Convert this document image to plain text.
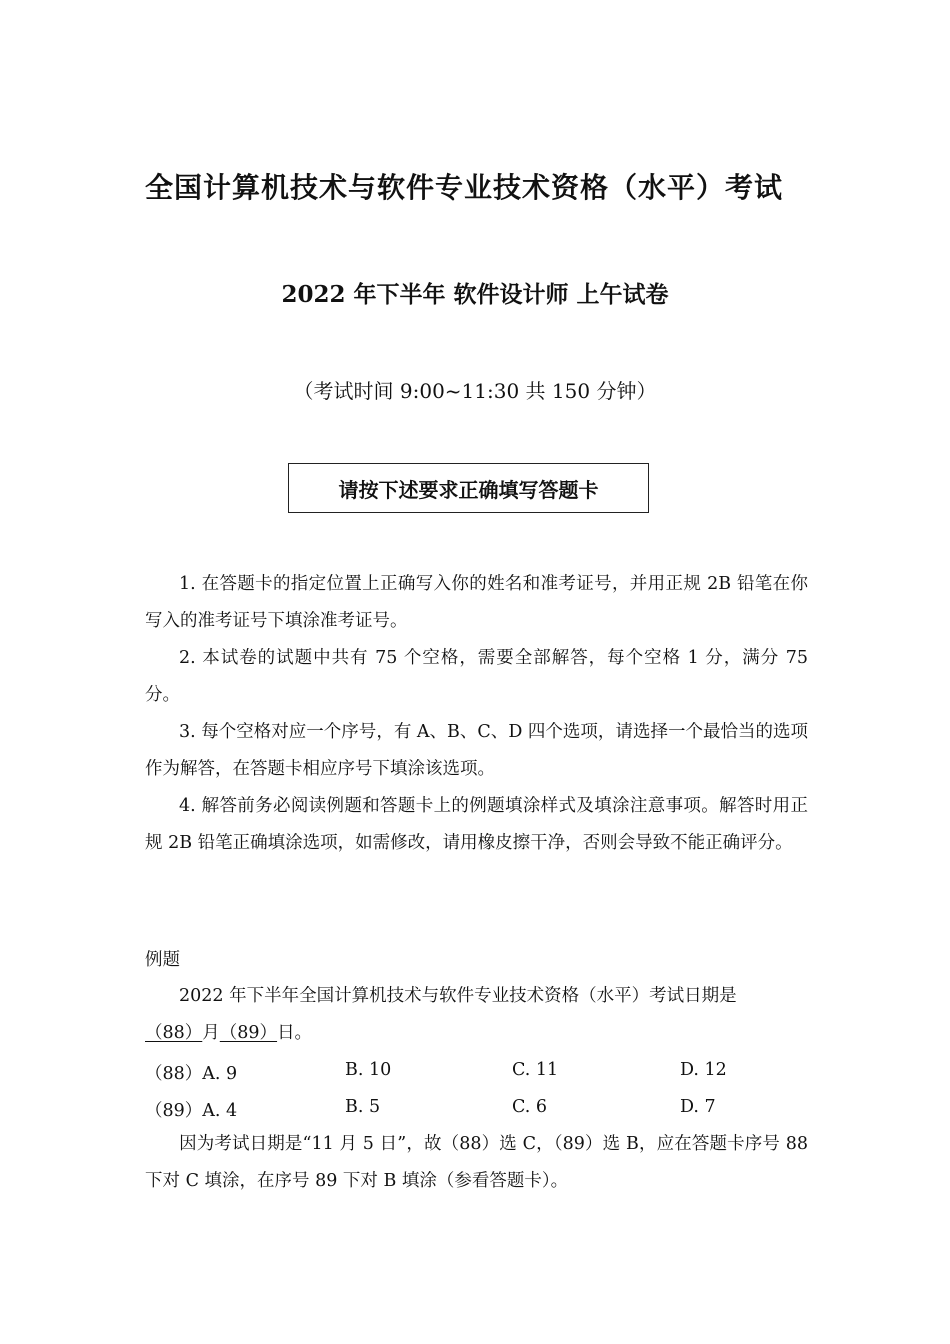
全国计算机技术与软件专业技术资格（水平）考试
2022 年下半年 软件设计师 上午试卷
（考试时间 9:00~11:30 共 150 分钟）
请按下述要求正确填写答题卡
1. 在答题卡的指定位置上正确写入你的姓名和准考证号，并用正规 2B 铅笔在你写入的准考证号下填涂准考证号。
2. 本试卷的试题中共有 75 个空格，需要全部解答，每个空格 1 分，满分 75 分。
3. 每个空格对应一个序号，有 A、B、C、D 四个选项，请选择一个最恰当的选项作为解答，在答题卡相应序号下填涂该选项。
4. 解答前务必阅读例题和答题卡上的例题填涂样式及填涂注意事项。解答时用正规 2B 铅笔正确填涂选项，如需修改，请用橡皮擦干净，否则会导致不能正确评分。
例题
2022 年下半年全国计算机技术与软件专业技术资格（水平）考试日期是
（88）月（89）日。
（88）A. 9	B. 10	C. 11	D. 12
（89）A. 4	B. 5	C. 6	D. 7
因为考试日期是“11 月 5 日”，故（88）选 C，（89）选 B，应在答题卡序号 88 下对 C 填涂，在序号 89 下对 B 填涂（参看答题卡）。
